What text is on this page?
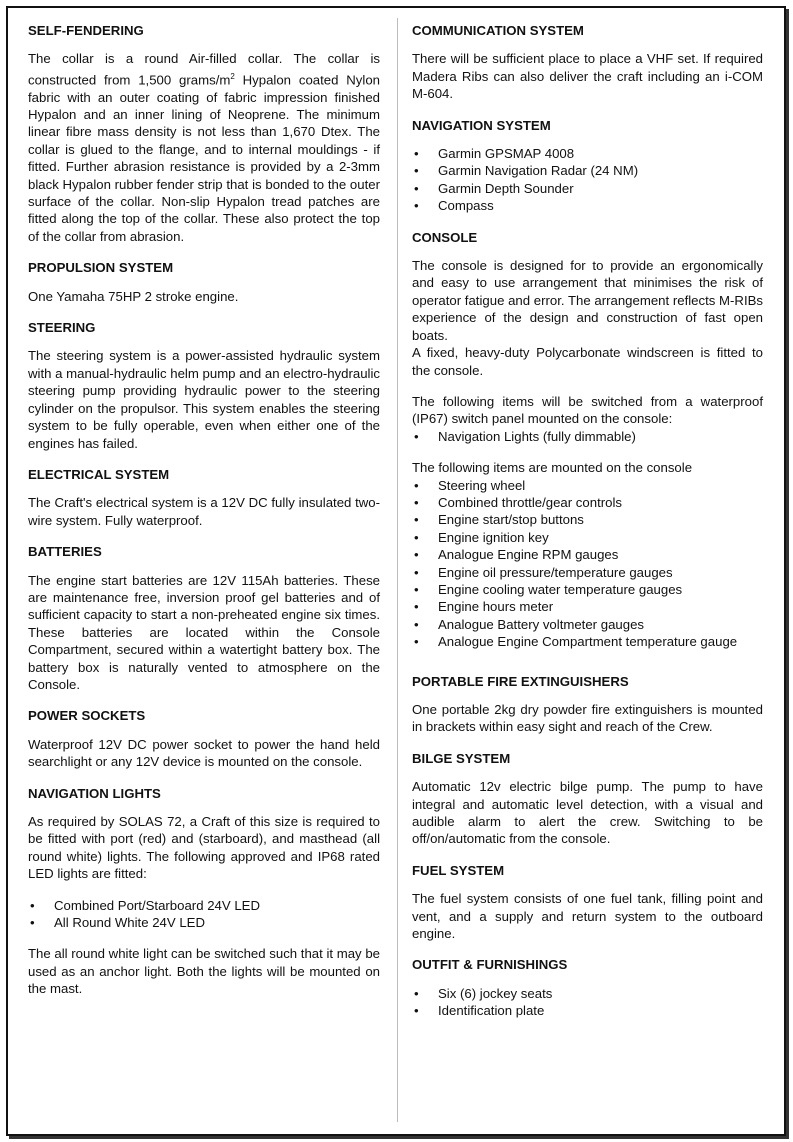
SELF-FENDERING
The collar is a round Air-filled collar. The collar is constructed from 1,500 grams/$m^2$ Hypalon coated Nylon fabric with an outer coating of fabric impression finished Hypalon and an inner lining of Neoprene. The minimum linear fibre mass density is not less than 1,670 Dtex. The collar is glued to the flange, and to internal mouldings - if fitted. Further abrasion resistance is provided by a 2-3mm black Hypalon rubber fender strip that is bonded to the outer surface of the collar. Non-slip Hypalon tread patches are fitted along the top of the collar. These also protect the top of the collar from abrasion.
PROPULSION SYSTEM
One Yamaha 75HP 2 stroke engine.
STEERING
The steering system is a power-assisted hydraulic system with a manual-hydraulic helm pump and an electro-hydraulic steering pump providing hydraulic power to the steering cylinder on the propulsor. This system enables the steering system to be fully operable, even when either one of the engines has failed.
ELECTRICAL SYSTEM
The Craft's electrical system is a 12V DC fully insulated two-wire system. Fully waterproof.
BATTERIES
The engine start batteries are 12V 115Ah batteries. These are maintenance free, inversion proof gel batteries and of sufficient capacity to start a non-preheated engine six times. These batteries are located within the Console Compartment, secured within a watertight battery box. The battery box is naturally vented to atmosphere on the Console.
POWER SOCKETS
Waterproof 12V DC power socket to power the hand held searchlight or any 12V device is mounted on the console.
NAVIGATION LIGHTS
As required by SOLAS 72, a Craft of this size is required to be fitted with port (red) and (starboard), and masthead (all round white) lights. The following approved and IP68 rated LED lights are fitted:
• Combined Port/Starboard 24V LED
• All Round White 24V LED
The all round white light can be switched such that it may be used as an anchor light. Both the lights will be mounted on the mast.
COMMUNICATION SYSTEM
There will be sufficient place to place a VHF set. If required Madera Ribs can also deliver the craft including an i-COM M-604.
NAVIGATION SYSTEM
• Garmin GPSMAP 4008
• Garmin Navigation Radar (24 NM)
• Garmin Depth Sounder
• Compass
CONSOLE
The console is designed for to provide an ergonomically and easy to use arrangement that minimises the risk of operator fatigue and error. The arrangement reflects M-RIBs experience of the design and construction of fast open boats.
A fixed, heavy-duty Polycarbonate windscreen is fitted to the console.
The following items will be switched from a waterproof (IP67) switch panel mounted on the console:
• Navigation Lights (fully dimmable)
The following items are mounted on the console
• Steering wheel
• Combined throttle/gear controls
• Engine start/stop buttons
• Engine ignition key
• Analogue Engine RPM gauges
• Engine oil pressure/temperature gauges
• Engine cooling water temperature gauges
• Engine hours meter
• Analogue Battery voltmeter gauges
• Analogue Engine Compartment temperature gauge
PORTABLE FIRE EXTINGUISHERS
One portable 2kg dry powder fire extinguishers is mounted in brackets within easy sight and reach of the Crew.
BILGE SYSTEM
Automatic 12v electric bilge pump. The pump to have integral and automatic level detection, with a visual and audible alarm to alert the crew. Switching to be off/on/automatic from the console.
FUEL SYSTEM
The fuel system consists of one fuel tank, filling point and vent, and a supply and return system to the outboard engine.
OUTFIT & FURNISHINGS
• Six (6) jockey seats
• Identification plate
